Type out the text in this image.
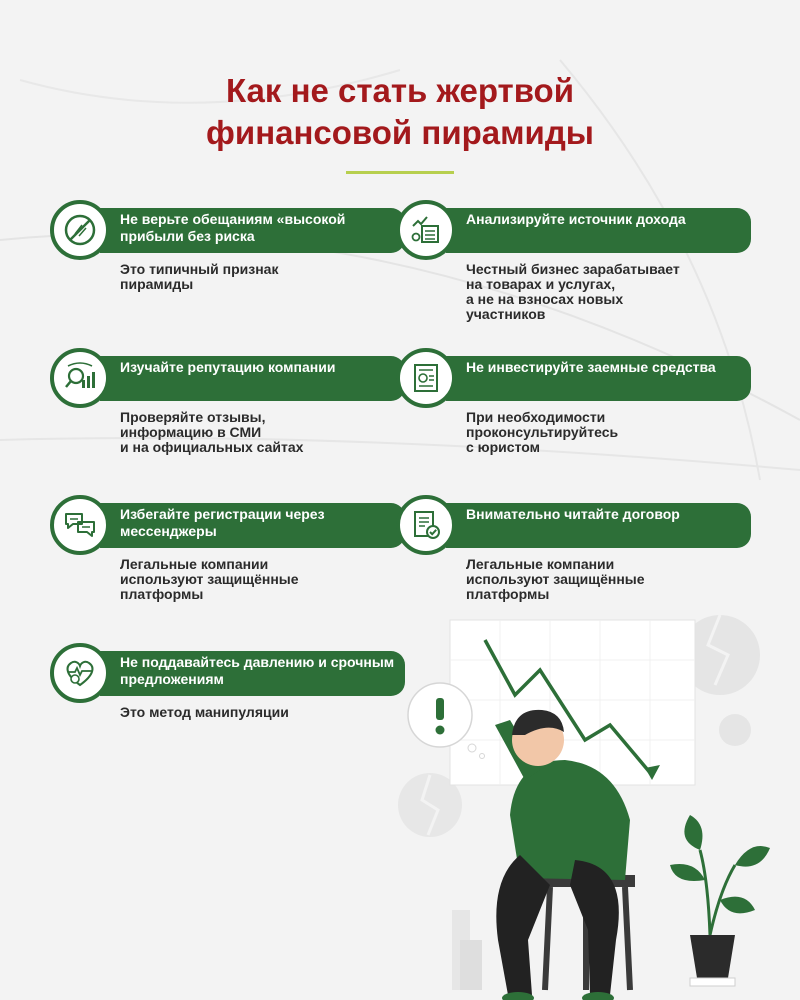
Как не стать жертвой
финансовой пирамиды
Не верьте обещаниям «высокой прибыли без риска
Это типичный признак
пирамиды
Анализируйте источник дохода
Честный бизнес зарабатывает
на товарах и услугах,
а не на взносах новых
участников
Изучайте репутацию компании
Проверяйте отзывы,
информацию в СМИ
и на официальных сайтах
Не инвестируйте заемные средства
При необходимости
проконсультируйтесь
с юристом
Избегайте регистрации через мессенджеры
Легальные компании
используют защищённые
платформы
Внимательно читайте договор
Легальные компании
используют защищённые
платформы
Не поддавайтесь давлению и срочным предложениям
Это метод манипуляции
